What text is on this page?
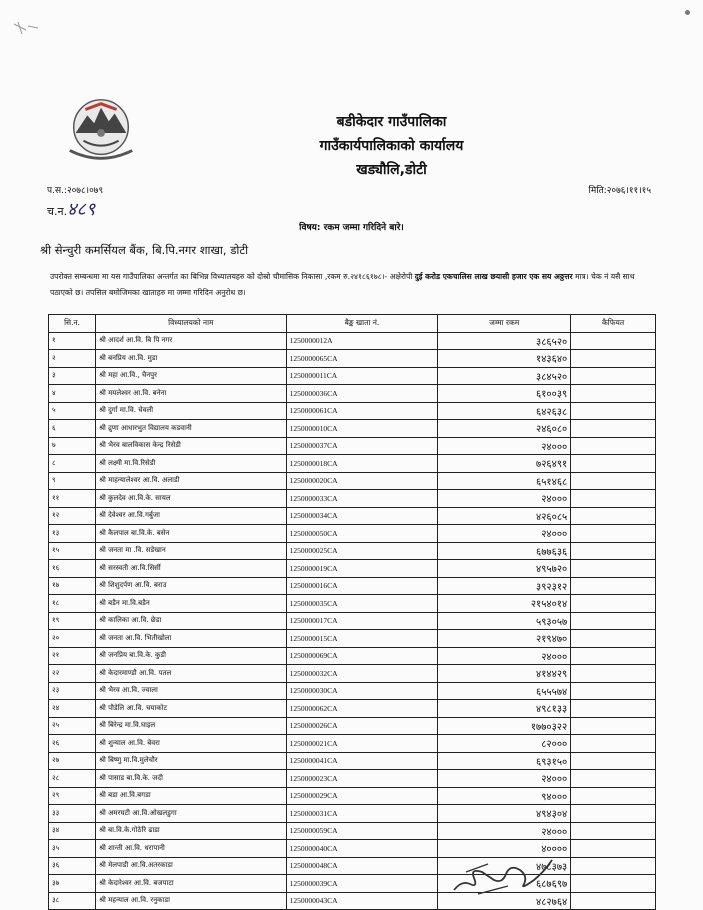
बडीकेदार गाउँपालिका
गाउँकार्यपालिकाको कार्यालय
खड्यौलि,डोटी
प.स.:२०७८।०७९	मिति:२०७६।११।१५
च.न.४८९
विषय: रकम जम्मा गरिदिने बारे।
श्री सेन्चुरी कमर्सियल बैंक, बि.पि.नगर शाखा, डोटी
उपरोक्त सम्बन्धमा मा यस गाउँपालिका अन्तर्गत का बिभिन्न विध्यालयहरु को दोस्रो चौमासिक निकासा ,रकम रु.२४१८६१७८।- अक्षेरोपी दुई करोड एकचालिस लाख छयासी हजार एक सय अठ्ठत्तर मात्र। चेक नं यसै साथ पठाएको छ। तपसिल बमोजिमका खाताहरु मा जम्मा गरिदिन अनुरोध छ।
सि.न.	विध्यालयको नाम	बैङ्क खाता नं.	जम्मा रकम	कैफियत
१	श्री आदर्श आ.वि. बि पि नगर	1250000012A	३८६५२०	
२	श्री बनप्रिय आ.वि. मुडा	1250000065CA	१४३६४०	
३	श्री महा आ.वि., चैनपुर	1250000011CA	३८४५२०	
४	श्री मयलेश्वर आ.वि. बनेना	1250000036CA	६१००३९	
५	श्री दुर्गा मा.वि. चेवली	1250000061CA	६४२६३८	
६	श्री द्रुणा आधारभुत विद्यालय कडवानी	1250000010CA	२४६०८०	
७	श्री भैरव बालविकास केन्द्र रिसेडी	1250000037CA	२४०००	
८	श्री लक्ष्मी मा.वि.रिसेडी	1250000018CA	७२६४९१	
९	श्री माहन्यालेश्वर आ.वि. अलाडी	1250000020CA	६५१४६८	
११	श्री कुलदेव आ.वि.के. सायल	1250000033CA	२४०००	
१२	श्री देवेश्वर आ.वि.गर्बुजा	1250000034CA	४२६०८५	
१३	श्री कैलपाल बा.वि.के. बसेन	1250000050CA	२४०००	
१५	श्री जनता मा .वि. सडेखान	1250000025CA	६७७६३६	
१६	श्री सरस्वती आ.वि.सिर्सी	1250000019CA	४९५७२०	
१७	श्री शिशुदर्पण आ.वि. बराउ	1250000016CA	३९२३१२	
१८	श्री बडैन मा.वि.बडैन	1250000035CA	२१५४०१४	
१९	श्री कालिका आ.वि. छेडा	1250000017CA	५९३०५७	
२०	श्री जनता आ.वि. भितीखोला	1250000015CA	२१९४७०	
२१	श्री जनप्रिय बा.वि.के. कुडी	1250000069CA	२४०००	
२२	श्री केदारमाण्डौ आ.वि. पतल	1250000032CA	४१४४२९	
२३	श्री भैरव आ.वि. ज्वाला	1250000030CA	६५५५७४	
२४	श्री पौडेलि आ.वि. चयाकोट	1250000062CA	४९८१३३	
२५	श्री बिरेन्द्र मा.वि.घाइल	1250000026CA	१७७०३२२	
२६	श्री शुन्याल आ.वि. बेवरा	1250000021CA	८२०००	
२७	श्री बिष्णु मा.वि.मुलेचौर	1250000041CA	६९३१५०	
२८	श्री पासाड बा.वि.के. जदी	1250000023CA	२४०००	
२९	श्री बडा आ.वि.बगडा	1250000029CA	९४०००	
३३	श्री अमरघटी आ.वि.ओखलडुगा	1250000031CA	४९४३०४	
३४	श्री बा.वि.के.गोठेरि ढाडा	1250000059CA	२४०००	
३५	श्री शान्ती आ.वि. धरापानी	1250000040CA	४००००	
३६	श्री मेलपाडी आ.वि.अतरकाडा	1250000048CA	४७८३७३	
३७	श्री केदारेश्वर आ.वि. बजपाटा	1250000039CA	६८७६९७	
३८	श्री महन्याल आ.वि. रनुकाडा	1250000043CA	४८२७६४	
